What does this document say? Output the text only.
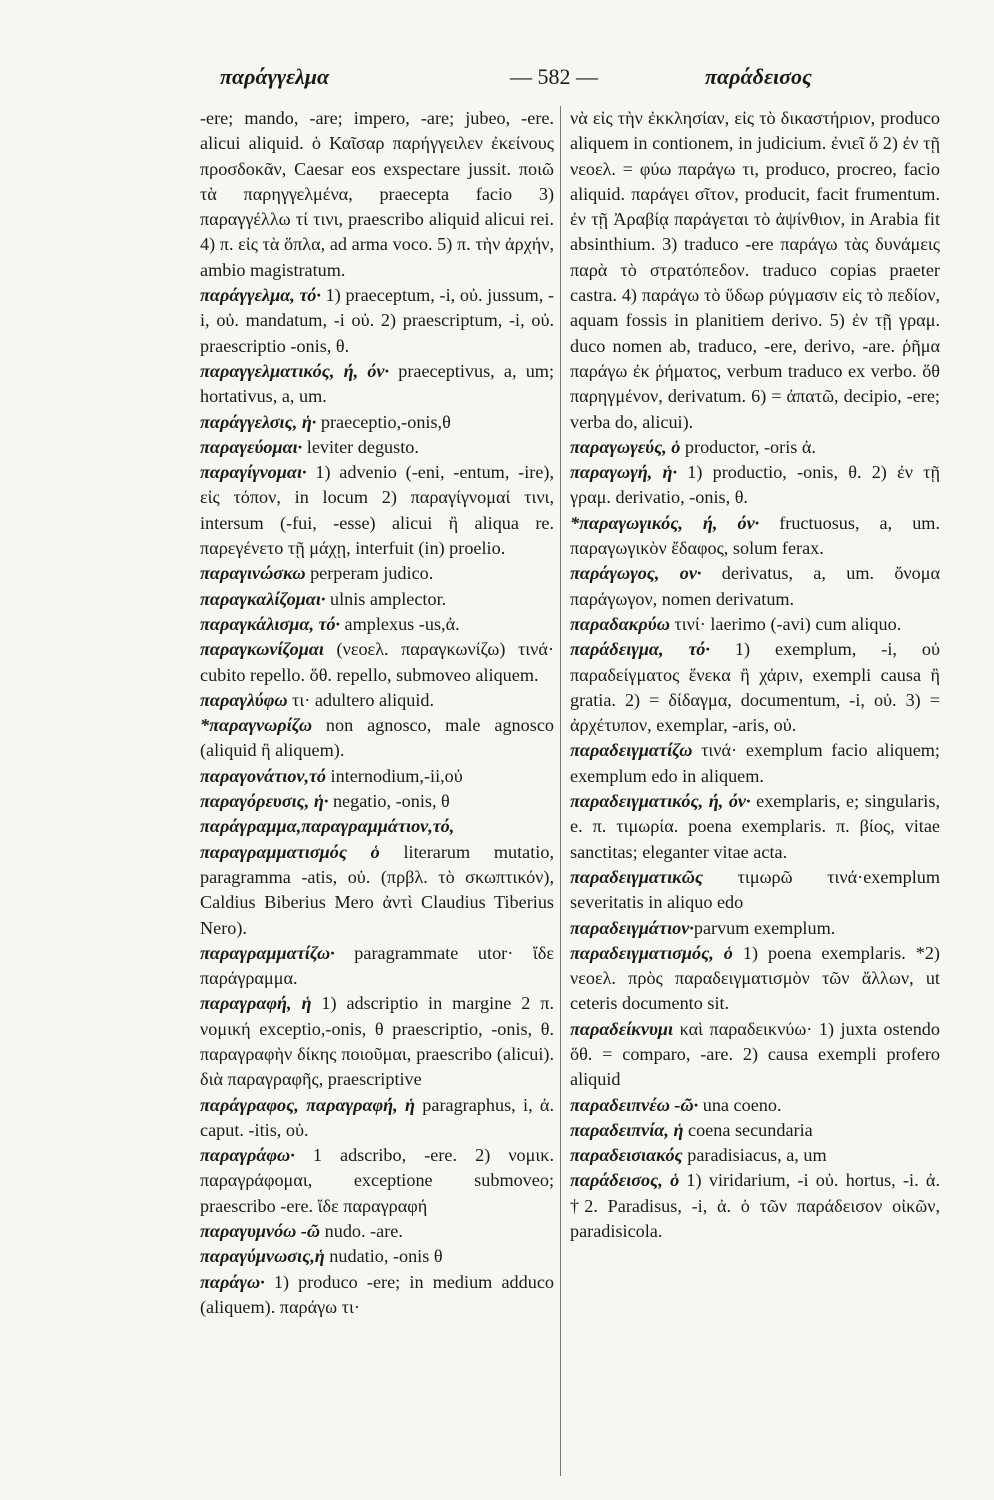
παράγγελμα	— 582 —	παράδεισος

-ere; mando, -are; impero, -are; jubeo, -ere. alicui aliquid. ὁ Καῖσαρ παρήγγειλεν ἐκείνους προσδοκᾶν, Caesar eos exspectare jussit. ποιῶ τὰ παρηγγελμένα, praecepta facio 3) παραγγέλλω τί τινι, praescribo aliquid alicui rei. 4) π. εἰς τὰ ὅπλα, ad arma voco. 5) π. τὴν ἀρχήν, ambio magistratum.

παράγγελμα, τό· 1) praeceptum, -i, οὐ. jussum, -i, οὐ. mandatum, -i οὐ. 2) praescriptum, -i, οὐ. praescriptio -onis, θ.

παραγγελματικός, ή, όν· praeceptivus, a, um; hortativus, a, um.

παράγγελσις, ἡ· praeceptio,-onis,θ

παραγεύομαι· leviter degusto.

παραγίγνομαι· 1) advenio (-eni, -entum, -ire), εἰς τόπον, in locum 2) παραγίγνομαί τινι, intersum (-fui, -esse) alicui ἢ aliqua re. παρεγένετο τῇ μάχῃ, interfuit (in) proelio.

παραγινώσκω perperam judico.

παραγκαλίζομαι· ulnis amplector.

παραγκάλισμα, τό· amplexus -us,ἀ.

παραγκωνίζομαι (νεοελ. παραγκωνίζω) τινά· cubito repello. ὅθ. repello, submoveo aliquem.

παραγλύφω τι· adultero aliquid.

*παραγνωρίζω non agnosco, male agnosco (aliquid ἢ aliquem).

παραγονάτιον,τό internodium,-ii,οὐ

παραγόρευσις, ἡ· negatio, -onis, θ

παράγραμμα,παραγραμμάτιον,τό, παραγραμματισμός ὁ literarum mutatio, paragramma -atis, οὐ. (πρβλ. τὸ σκωπτικόν), Caldius Biberius Mero ἀντὶ Claudius Tiberius Nero).

παραγραμματίζω· paragrammate utor· ἴδε παράγραμμα.

παραγραφή, ἡ 1) adscriptio in margine 2 π. νομική exceptio,-onis, θ praescriptio, -onis, θ. παραγραφὴν δίκης ποιοῦμαι, praescribo (alicui). διὰ παραγραφῆς, praescriptive

παράγραφος, παραγραφή, ἡ paragraphus, i, ἀ. caput. -itis, οὐ.

παραγράφω· 1 adscribo, -ere. 2) νομικ. παραγράφομαι, exceptione submoveo; praescribo -ere. ἴδε παραγραφή

παραγυμνόω -ῶ nudo. -are.

παραγύμνωσις,ἡ nudatio, -onis θ

παράγω· 1) produco -ere; in medium adduco (aliquem). παράγω τι·

νὰ εἰς τὴν ἐκκλησίαν, εἰς τὸ δικαστήριον, produco aliquem in contionem, in judicium. ἐνιεῖ ὅ 2) ἐν τῇ νεοελ. = φύω παράγω τι, produco, procreo, facio aliquid. παράγει σῖτον, producit, facit frumentum. ἐν τῇ Ἀραβίᾳ παράγεται τὸ ἀψίνθιον, in Arabia fit absinthium. 3) traduco -ere παράγω τὰς δυνάμεις παρὰ τὸ στρατόπεδον. traduco copias praeter castra. 4) παράγω τὸ ὕδωρ ρύγμασιν εἰς τὸ πεδίον, aquam fossis in planitiem derivo. 5) ἐν τῇ γραμ. duco nomen ab, traduco, -ere, derivo, -are. ῥῆμα παράγω ἐκ ῥήματος, verbum traduco ex verbo. ὅθ παρηγμένον, derivatum. 6) = ἀπατῶ, decipio, -ere; verba do, alicui).

παραγωγεύς, ὁ productor, -oris ἀ.

παραγωγή, ἡ· 1) productio, -onis, θ. 2) ἐν τῇ γραμ. derivatio, -onis, θ.

*παραγωγικός, ή, όν· fructuosus, a, um. παραγωγικὸν ἔδαφος, solum ferax.

παράγωγος, ον· derivatus, a, um. ὄνομα παράγωγον, nomen derivatum.

παραδακρύω τινί· laerimo (-avi) cum aliquo.

παράδειγμα, τό· 1) exemplum, -i, οὐ παραδείγματος ἕνεκα ἢ χάριν, exempli causa ἢ gratia. 2) = δίδαγμα, documentum, -i, οὐ. 3) = ἀρχέτυπον, exemplar, -aris, οὐ.

παραδειγματίζω τινά· exemplum facio aliquem; exemplum edo in aliquem.

παραδειγματικός, ή, όν· exemplaris, e; singularis, e. π. τιμωρία. poena exemplaris. π. βίος, vitae sanctitas; eleganter vitae acta.

παραδειγματικῶς τιμωρῶ τινά·exemplum severitatis in aliquo edo

παραδειγμάτιον·parvum exemplum.

παραδειγματισμός, ὁ 1) poena exemplaris. *2) νεοελ. πρὸς παραδειγματισμὸν τῶν ἄλλων, ut ceteris documento sit.

παραδείκνυμι καὶ παραδεικνύω· 1) juxta ostendo ὅθ. = comparo, -are. 2) causa exempli profero aliquid

παραδειπνέω -ῶ· una coeno.

παραδειπνία, ἡ coena secundaria

παραδεισιακός paradisiacus, a, um

παράδεισος, ὁ 1) viridarium, -i οὐ. hortus, -i. ἀ. †2. Paradisus, -i, ἀ. ὁ τῶν παράδεισον οἰκῶν, paradisicola.
